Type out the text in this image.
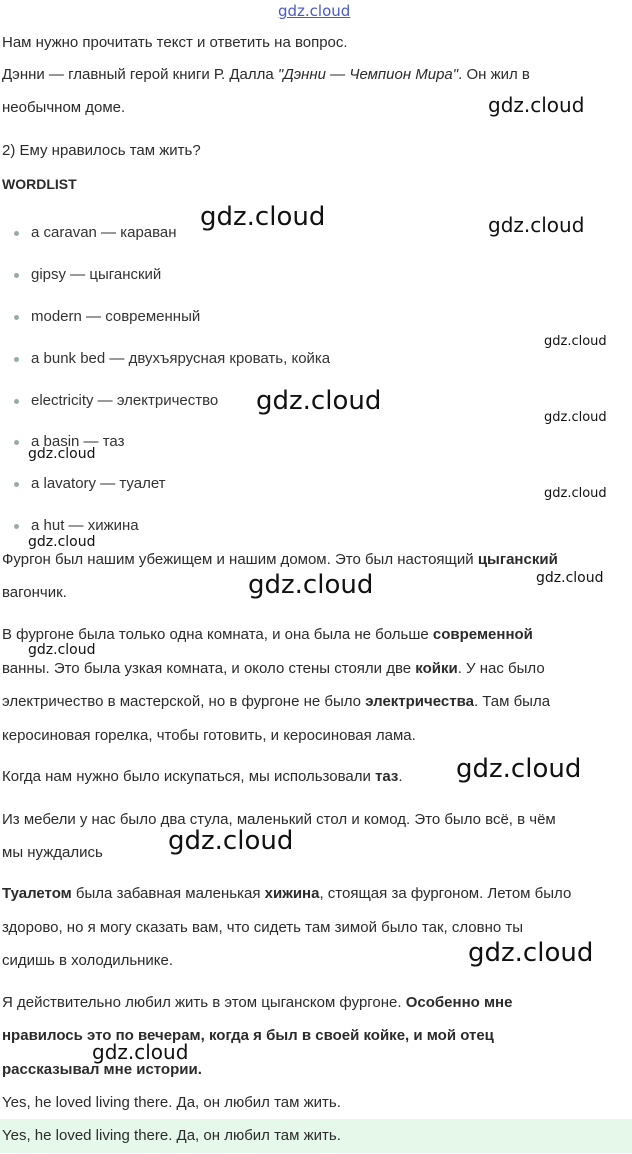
gdz.cloud
gdz.cloud
gdz.cloud	gdz.cloud
gdz.cloud
gdz.cloud
gdz.cloud
gdz.cloud
gdz.cloud
gdz.cloud
gdz.cloud
gdz.cloud
gdz.cloud
gdz.cloud
gdz.cloud
gdz.cloud
gdz.cloud
Нам нужно прочитать текст и ответить на вопрос.
Дэнни — главный герой книги Р. Далла "Дэнни — Чемпион Мира". Он жил в
необычном доме.
2) Ему нравилось там жить?
WORDLIST
a caravan — караван
gipsy — цыганский
modern — современный
a bunk bed — двухъярусная кровать, койка
electricity — электричество
a basin — таз
a lavatory — туалет
a hut — хижина
Фургон был нашим убежищем и нашим домом. Это был настоящий цыганский
вагончик.
В фургоне была только одна комната, и она была не больше современной
ванны. Это была узкая комната, и около стены стояли две койки. У нас было
электричество в мастерской, но в фургоне не было электричества. Там была
керосиновая горелка, чтобы готовить, и керосиновая лама.
Когда нам нужно было искупаться, мы использовали таз.
Из мебели у нас было два стула, маленький стол и комод. Это было всё, в чём
мы нуждались
Туалетом была забавная маленькая хижина, стоящая за фургоном. Летом было
здорово, но я могу сказать вам, что сидеть там зимой было так, словно ты
сидишь в холодильнике.
Я действительно любил жить в этом цыганском фургоне. Особенно мне
нравилось это по вечерам, когда я был в своей койке, и мой отец
рассказывал мне истории.
Yes, he loved living there. Да, он любил там жить.
Yes, he loved living there. Да, он любил там жить.
